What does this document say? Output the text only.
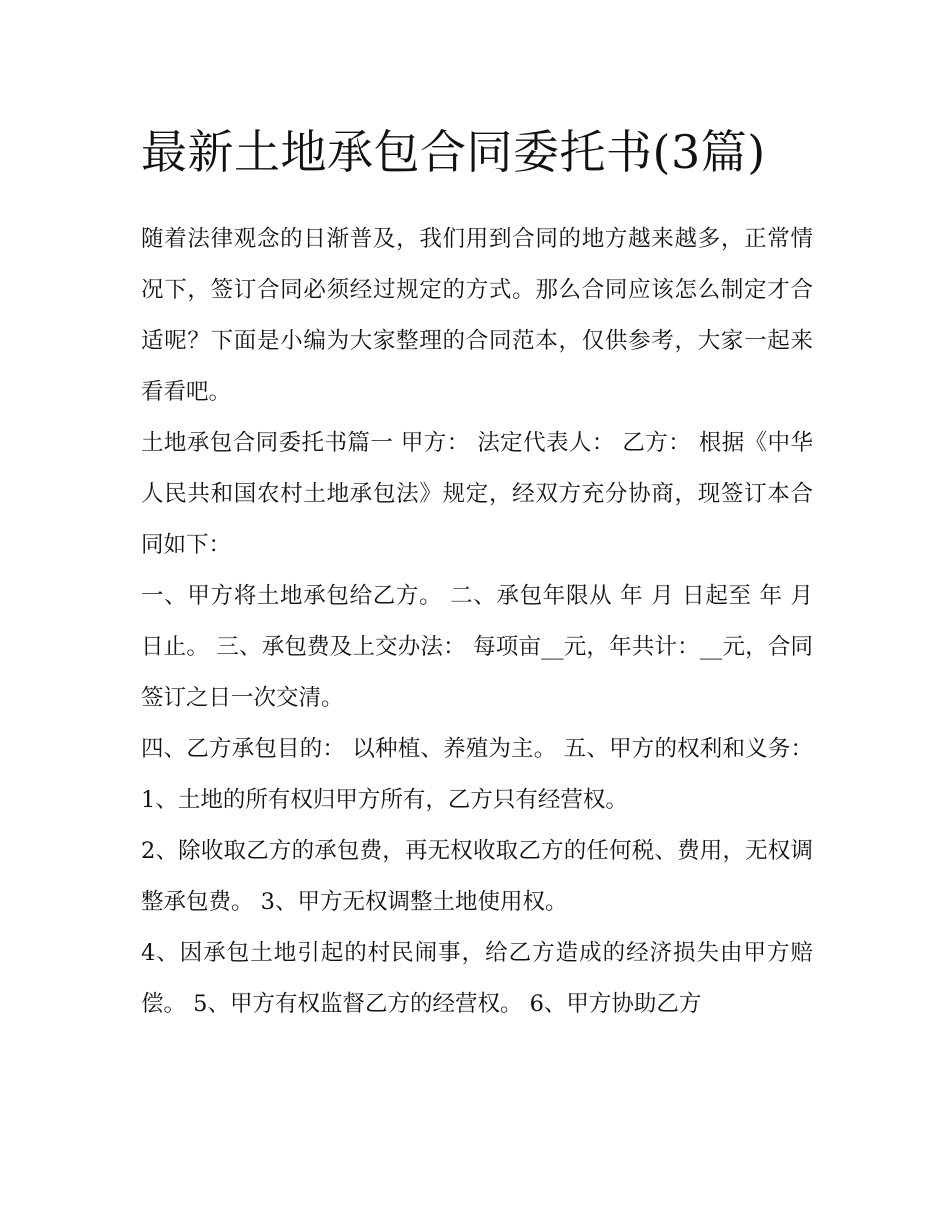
最新土地承包合同委托书(3篇)

随着法律观念的日渐普及，我们用到合同的地方越来越多，正常情况下，签订合同必须经过规定的方式。那么合同应该怎么制定才合适呢？下面是小编为大家整理的合同范本，仅供参考，大家一起来看看吧。

土地承包合同委托书篇一 甲方： 法定代表人： 乙方： 根据《中华人民共和国农村土地承包法》规定，经双方充分协商，现签订本合同如下：

一、甲方将土地承包给乙方。 二、承包年限从 年 月 日起至 年 月 日止。 三、承包费及上交办法： 每项亩__元，年共计：__元，合同签订之日一次交清。

四、乙方承包目的： 以种植、养殖为主。 五、甲方的权利和义务： 1、土地的所有权归甲方所有，乙方只有经营权。

2、除收取乙方的承包费，再无权收取乙方的任何税、费用，无权调整承包费。 3、甲方无权调整土地使用权。

4、因承包土地引起的村民闹事，给乙方造成的经济损失由甲方赔偿。 5、甲方有权监督乙方的经营权。 6、甲方协助乙方
